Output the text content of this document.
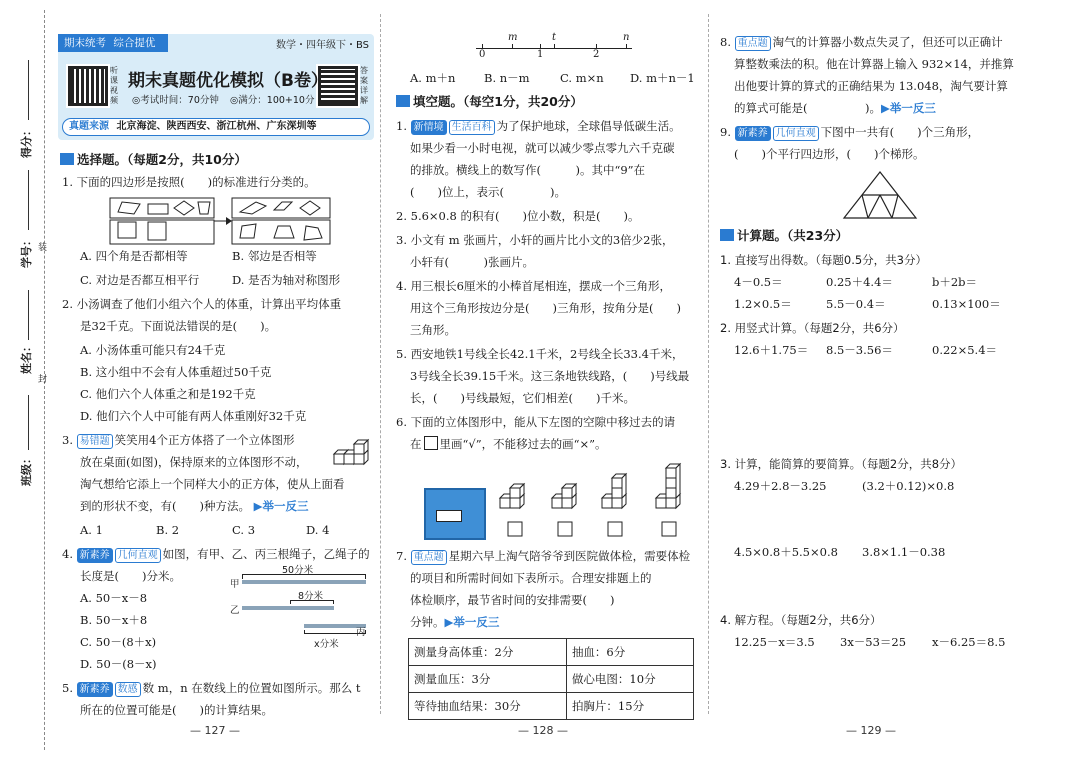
得分：
学号：
姓名：
班级：
装
封
期末统考 综合提优	数学・四年级下・BS
听课视频
答案详解
期末真题优化模拟（B卷）
◎考试时间：70分钟 ◎满分：100+10分
真题来源 北京海淀、陕西西安、浙江杭州、广东深圳等
选择题。（每题2分，共10分）
1. 下面的四边形是按照(　　)的标准进行分类的。
A. 四个角是否都相等	B. 邻边是否相等
C. 对边是否都互相平行	D. 是否为轴对称图形
2. 小汤调查了他们小组六个人的体重，计算出平均体重
是32千克。下面说法错误的是(　　)。
A. 小汤体重可能只有24千克
B. 这小组中不会有人体重超过50千克
C. 他们六个人体重之和是192千克
D. 他们六个人中可能有两人体重刚好32千克
3. 易错题 笑笑用4个正方体搭了一个立体图形
放在桌面(如图)，保持原来的立体图形不动，
淘气想给它添上一个同样大小的正方体，使从上面看
到的形状不变，有(　　)种方法。 ▶举一反三
A. 1	B. 2	C. 3	D. 4
4. 新素养 几何直观 如图，有甲、乙、丙三根绳子，乙绳子的
长度是(　　)分米。
A. 50－x－8
B. 50－x＋8
C. 50－(8＋x)
D. 50－(8－x)
50分米
甲
8分米
乙
丙
x分米
5. 新素养 数感 数 m，n 在数线上的位置如图所示。那么 t
所在的位置可能是(　　)的计算结果。
— 127 —
0
m
1
t
2
n
A. m＋n B. n－m	C. m×n D. m＋n－1
填空题。（每空1分，共20分）
1. 新情境 生活百科 为了保护地球，全球倡导低碳生活。
如果少看一小时电视，就可以减少零点零九六千克碳
的排放。横线上的数写作(　　　)。其中“9”在
(　　)位上，表示(　　　　)。
2. 5.6×0.8 的积有(　　)位小数，积是(　　)。
3. 小文有 m 张画片，小轩的画片比小文的3倍少2张，
小轩有(　　　)张画片。
4. 用三根长6厘米的小棒首尾相连，摆成一个三角形，
用这个三角形按边分是(　　)三角形，按角分是(　　)
三角形。
5. 西安地铁1号线全长42.1千米，2号线全长33.4千米，
3号线全长39.15千米。这三条地铁线路，(　　)号线最
长，(　　)号线最短，它们相差(　　)千米。
6. 下面的立体图形中，能从下左图的空隙中移过去的请
在 里画“√”，不能移过去的画“×”。
7. 重点题 星期六早上淘气陪爷爷到医院做体检，需要体检
的项目和所需时间如下表所示。合理安排题上的
体检顺序，最节省时间的安排需要(　　)
分钟。▶举一反三
测量身高体重：2分	抽血：6分
测量血压：3分	做心电图：10分
等待抽血结果：30分	拍胸片：15分
— 128 —
8. 重点题 淘气的计算器小数点失灵了，但还可以正确计
算整数乘法的积。他在计算器上输入 932×14，并推算
出他要计算的算式的正确结果为 13.048，淘气要计算
的算式可能是(　　　　　)。▶举一反三
9. 新素养 几何直观 下图中一共有(　　)个三角形，
(　　)个平行四边形，(　　)个梯形。
计算题。（共23分）
1. 直接写出得数。（每题0.5分，共3分）
4－0.5＝	0.25＋4.4＝	b＋2b＝
1.2×0.5＝	5.5－0.4＝	0.13×100＝
2. 用竖式计算。（每题2分，共6分）
12.6＋1.75＝ 8.5－3.56＝	0.22×5.4＝
3. 计算，能简算的要简算。（每题2分，共8分）
4.29＋2.8－3.25	(3.2＋0.12)×0.8
4.5×0.8＋5.5×0.8 3.8×1.1－0.38
4. 解方程。（每题2分，共6分）
12.25－x＝3.5 3x－53＝25 x－6.25＝8.5
— 129 —
